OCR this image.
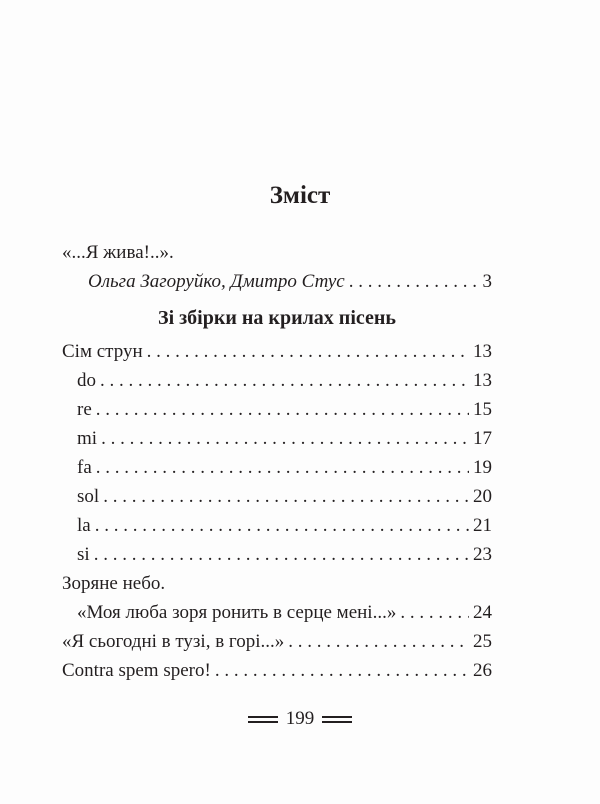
Зміст
«...Я жива!..».
Ольга Загоруйко, Дмитро Стус . . .	3
Зі збірки на крилах пісень
Сім струн . . .	13
do . . .	13
re . . .	15
mi . . .	17
fa . . .	19
sol . . .	20
la . . .	21
si . . .	23
Зоряне небо.
«Моя люба зоря ронить в серце мені...» . . .	24
«Я сьогодні в тузі, в горі...» . . .	25
Contra spem spero! . . .	26
199
